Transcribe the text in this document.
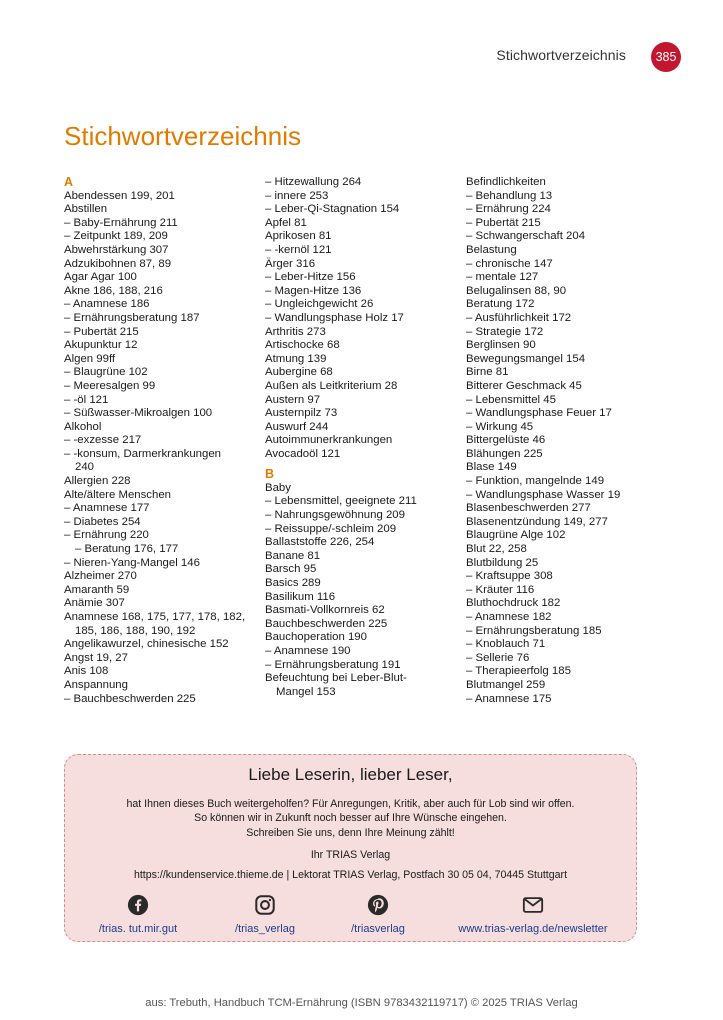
Stichwortverzeichnis	385
Stichwortverzeichnis
A
Abendessen 199, 201
Abstillen
– Baby-Ernährung 211
– Zeitpunkt 189, 209
Abwehrstärkung 307
Adzukibohnen 87, 89
Agar Agar 100
Akne 186, 188, 216
– Anamnese 186
– Ernährungsberatung 187
– Pubertät 215
Akupunktur 12
Algen 99ff
– Blaugrüne 102
– Meeresalgen 99
– -öl 121
– Süßwasser-Mikroalgen 100
Alkohol
– -exzesse 217
– -konsum, Darmerkrankungen
240
Allergien 228
Alte/ältere Menschen
– Anamnese 177
– Diabetes 254
– Ernährung 220
– Beratung 176, 177
– Nieren-Yang-Mangel 146
Alzheimer 270
Amaranth 59
Anämie 307
Anamnese 168, 175, 177, 178, 182,
185, 186, 188, 190, 192
Angelikawurzel, chinesische 152
Angst 19, 27
Anis 108
Anspannung
– Bauchbeschwerden 225
– Hitzewallung 264
– innere 253
– Leber-Qi-Stagnation 154
Apfel 81
Aprikosen 81
– -kernöl 121
Ärger 316
– Leber-Hitze 156
– Magen-Hitze 136
– Ungleichgewicht 26
– Wandlungsphase Holz 17
Arthritis 273
Artischocke 68
Atmung 139
Aubergine 68
Außen als Leitkriterium 28
Austern 97
Austernpilz 73
Auswurf 244
Autoimmunerkrankungen
Avocadoöl 121
B
Baby
– Lebensmittel, geeignete 211
– Nahrungsgewöhnung 209
– Reissuppe/-schleim 209
Ballaststoffe 226, 254
Banane 81
Barsch 95
Basics 289
Basilikum 116
Basmati-Vollkornreis 62
Bauchbeschwerden 225
Bauchoperation 190
– Anamnese 190
– Ernährungsberatung 191
Befeuchtung bei Leber-Blut-
Mangel 153
Befindlichkeiten
– Behandlung 13
– Ernährung 224
– Pubertät 215
– Schwangerschaft 204
Belastung
– chronische 147
– mentale 127
Belugalinsen 88, 90
Beratung 172
– Ausführlichkeit 172
– Strategie 172
Berglinsen 90
Bewegungsmangel 154
Birne 81
Bitterer Geschmack 45
– Lebensmittel 45
– Wandlungsphase Feuer 17
– Wirkung 45
Bittergelüste 46
Blähungen 225
Blase 149
– Funktion, mangelnde 149
– Wandlungsphase Wasser 19
Blasenbeschwerden 277
Blasenentzündung 149, 277
Blaugrüne Alge 102
Blut 22, 258
Blutbildung 25
– Kraftsuppe 308
– Kräuter 116
Bluthochdruck 182
– Anamnese 182
– Ernährungsberatung 185
– Knoblauch 71
– Sellerie 76
– Therapieerfolg 185
Blutmangel 259
– Anamnese 175
Liebe Leserin, lieber Leser,
hat Ihnen dieses Buch weitergeholfen? Für Anregungen, Kritik, aber auch für Lob sind wir offen.
So können wir in Zukunft noch besser auf Ihre Wünsche eingehen.
Schreiben Sie uns, denn Ihre Meinung zählt!
Ihr TRIAS Verlag
https://kundenservice.thieme.de | Lektorat TRIAS Verlag, Postfach 30 05 04, 70445 Stuttgart
/trias. tut.mir.gut	/trias_verlag	/triasverlag	www.trias-verlag.de/newsletter
aus: Trebuth, Handbuch TCM-Ernährung (ISBN 9783432119717) © 2025 TRIAS Verlag
